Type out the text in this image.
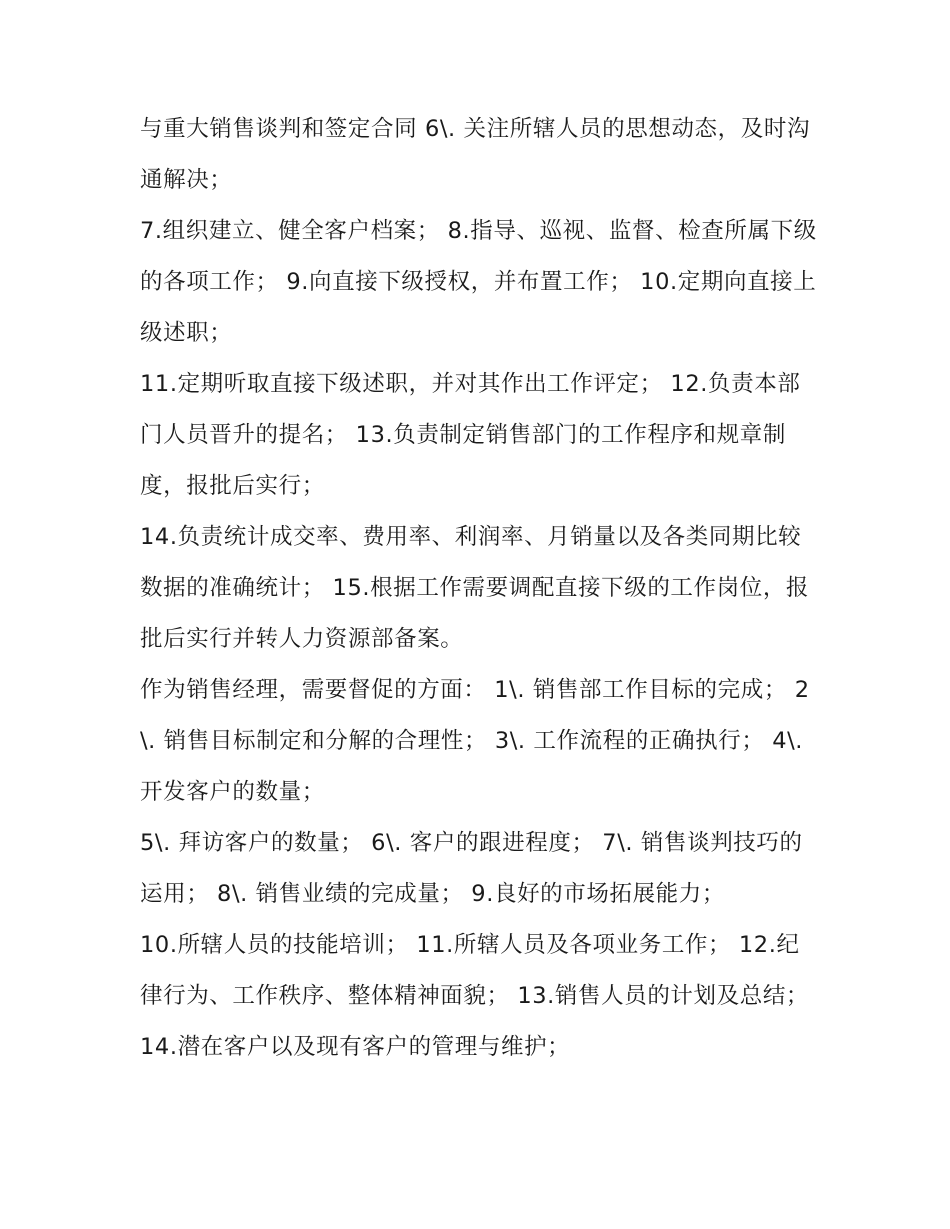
与重大销售谈判和签定合同 6\. 关注所辖人员的思想动态，及时沟通解决；

7.组织建立、健全客户档案； 8.指导、巡视、监督、检查所属下级的各项工作； 9.向直接下级授权，并布置工作； 10.定期向直接上级述职；

11.定期听取直接下级述职，并对其作出工作评定； 12.负责本部门人员晋升的提名； 13.负责制定销售部门的工作程序和规章制度，报批后实行；

14.负责统计成交率、费用率、利润率、月销量以及各类同期比较数据的准确统计； 15.根据工作需要调配直接下级的工作岗位，报批后实行并转人力资源部备案。

作为销售经理，需要督促的方面： 1\. 销售部工作目标的完成； 2\. 销售目标制定和分解的合理性； 3\. 工作流程的正确执行； 4\. 开发客户的数量；

5\. 拜访客户的数量； 6\. 客户的跟进程度； 7\. 销售谈判技巧的运用； 8\. 销售业绩的完成量； 9.良好的市场拓展能力；

10.所辖人员的技能培训； 11.所辖人员及各项业务工作； 12.纪律行为、工作秩序、整体精神面貌； 13.销售人员的计划及总结；

14.潜在客户以及现有客户的管理与维护；
